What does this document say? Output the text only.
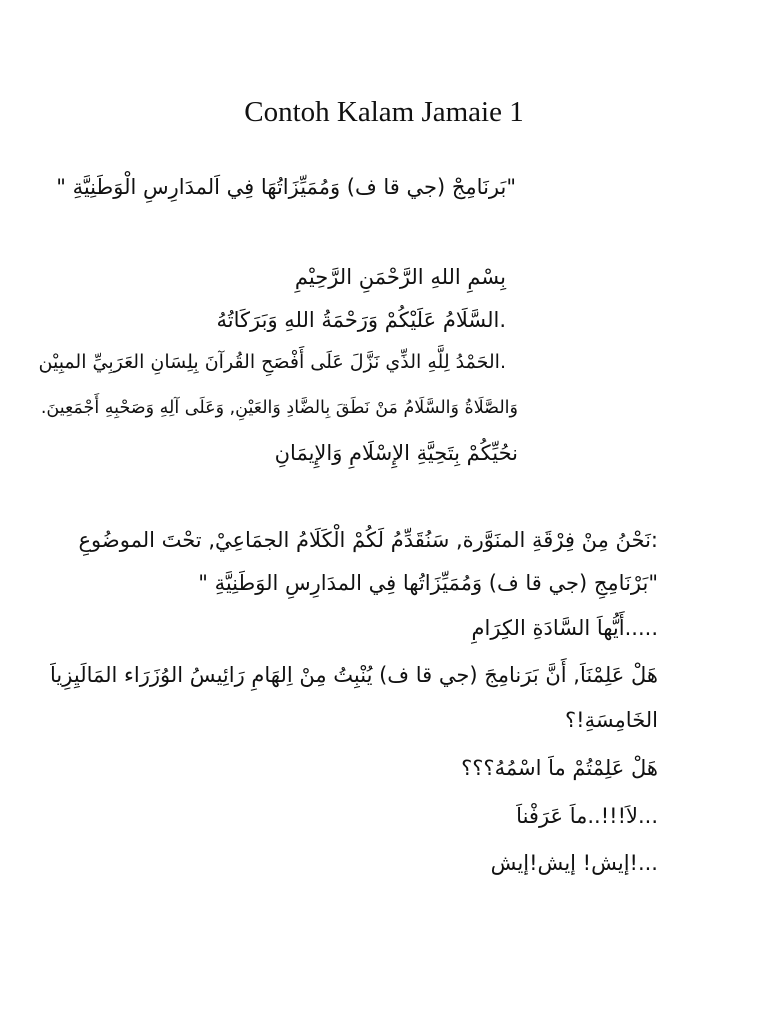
Contoh Kalam Jamaie 1

"بَرنَامِجْ (جي قا ف) وَمُمَيِّزَاتُهَا فِي اَلمدَارِسِ الْوَطَنِيَّةِ "

بِسْمِ اللهِ الرَّحْمَنِ الرَّحِيْمِ

.السَّلَامُ عَلَيْكُمْ وَرَحْمَةُ اللهِ وَبَرَكَاتُهُ

.الحَمْدُ لِلَّهِ الذِّي نَزَّلَ عَلَى أَفْصَحِ القُرآنَ بِلِسَانِ العَرَبِيِّ المبِيْن

وَالصَّلَاةُ وَالسَّلَامُ مَنْ نَطَقَ بِالضَّادِ وَالعَيْنِ, وَعَلَى آلِهِ وَصَحْبِهِ أَجْمَعِينَ.

نحُيِّكُمْ بِتَحِيَّةِ الإِسْلَامِ وَالإِيمَانِ

:نَحْنُ مِنْ فِرْقَةِ المنَوَّرة, سَنُقَدِّمُ لَكُمْ الْكَلَامُ الجمَاعِيْ, تحْتَ الموضُوعِ

"بَرْنَامِجِ (جي قا ف) وَمُمَيِّزَاتُها فِي المدَارِسِ الوَطَنِيَّةِ "

.....أَيُّهاَ السَّادَةِ الكِرَامِ

هَلْ عَلِمْنَاَ, أَنَّ بَرَنامِجَ (جي قا ف) يُنْبِتُ مِنْ اِلهَامِ رَائِيسُ الوُزَرَاء المَالَيِزِياَ

الخَامِسَةِ!؟

هَلْ عَلِمْتُمْ ماَ اسْمُهُ؟؟؟

...لاَ!!!..ماَ عَرَفْناَ

...!إيش! إيش!إيش
